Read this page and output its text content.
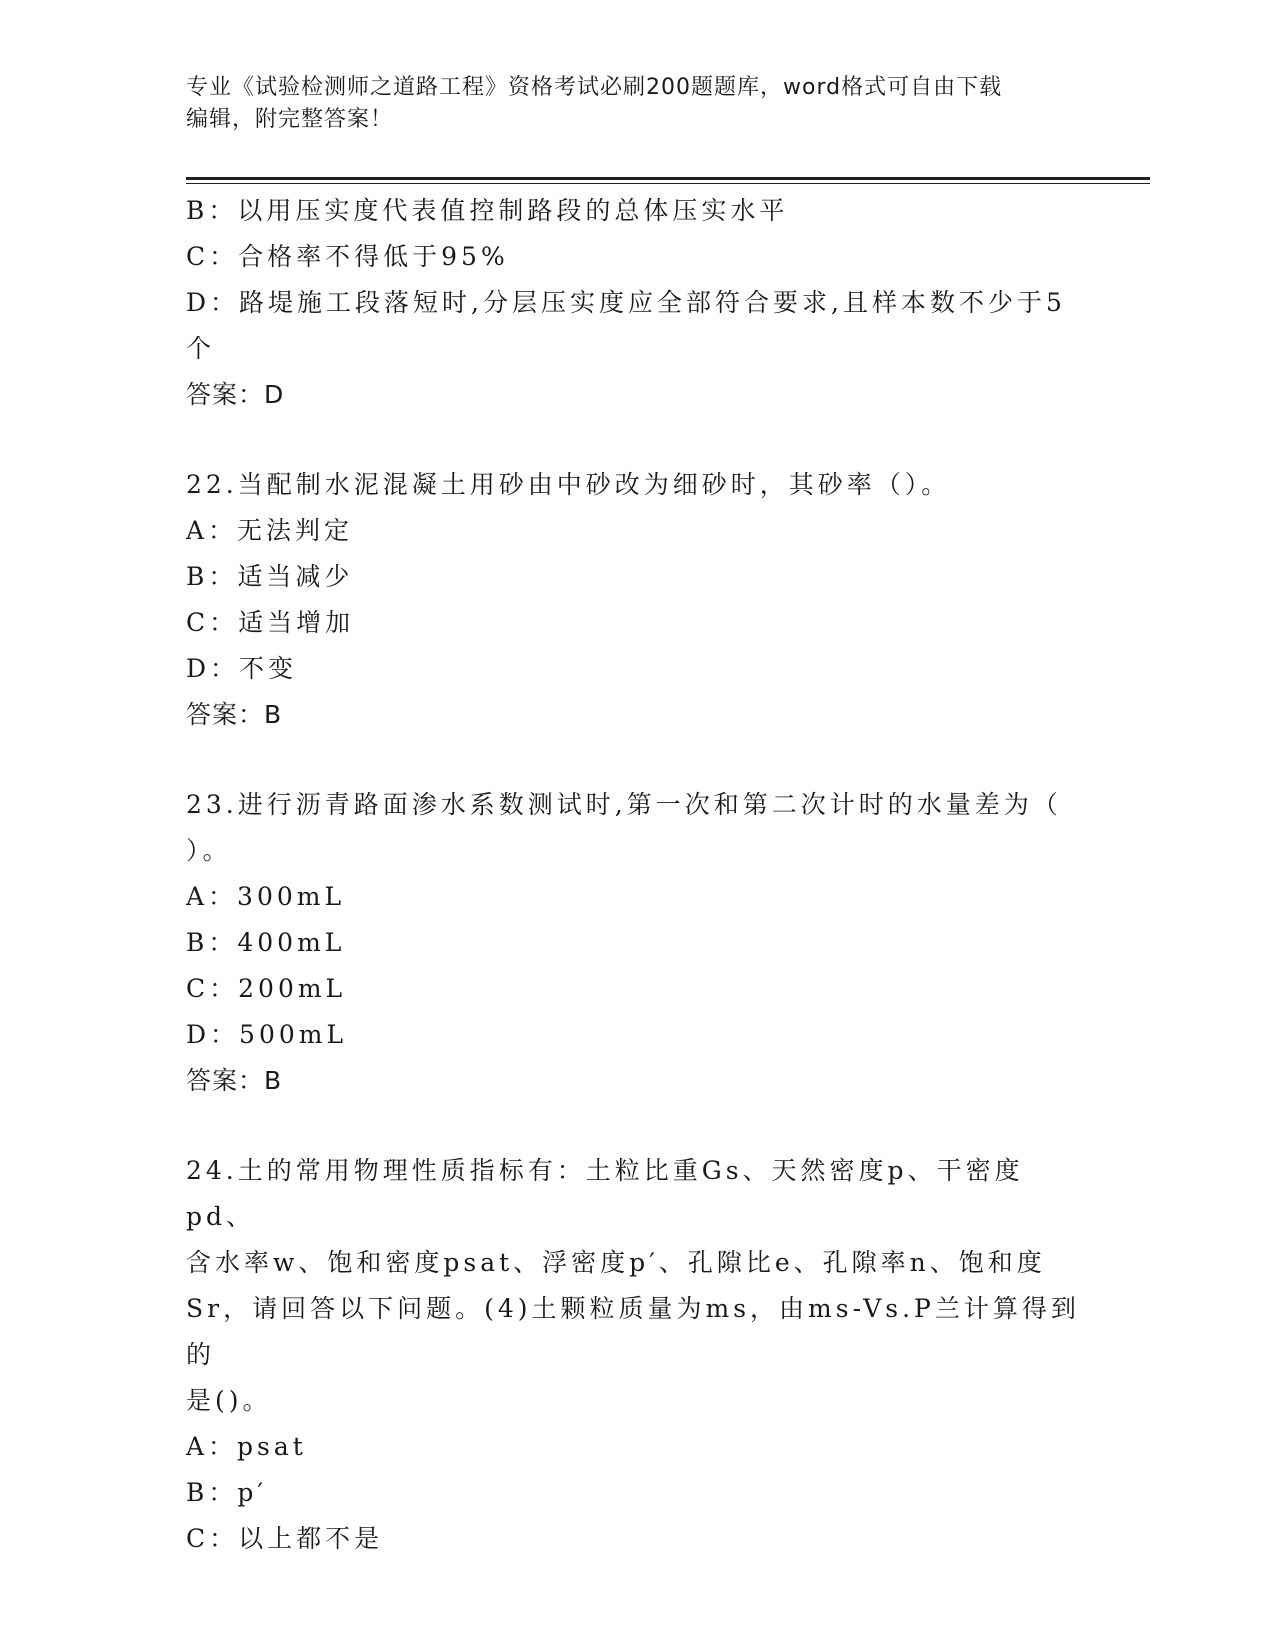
专业《试验检测师之道路工程》资格考试必刷200题题库，word格式可自由下载
编辑，附完整答案！
B：以用压实度代表值控制路段的总体压实水平
C：合格率不得低于95%
D：路堤施工段落短时,分层压实度应全部符合要求,且样本数不少于5
个
答案：D
22.当配制水泥混凝土用砂由中砂改为细砂时，其砂率（）。
A：无法判定
B：适当减少
C：适当增加
D：不变
答案：B
23.进行沥青路面渗水系数测试时,第一次和第二次计时的水量差为（
）。
A：300mL
B：400mL
C：200mL
D：500mL
答案：B
24.土的常用物理性质指标有：土粒比重Gs、天然密度p、干密度pd、
含水率w、饱和密度psat、浮密度p′、孔隙比e、孔隙率n、饱和度
Sr，请回答以下问题。(4)土颗粒质量为ms，由ms-Vs.P兰计算得到的
是()。
A：psat
B：p′
C：以上都不是
